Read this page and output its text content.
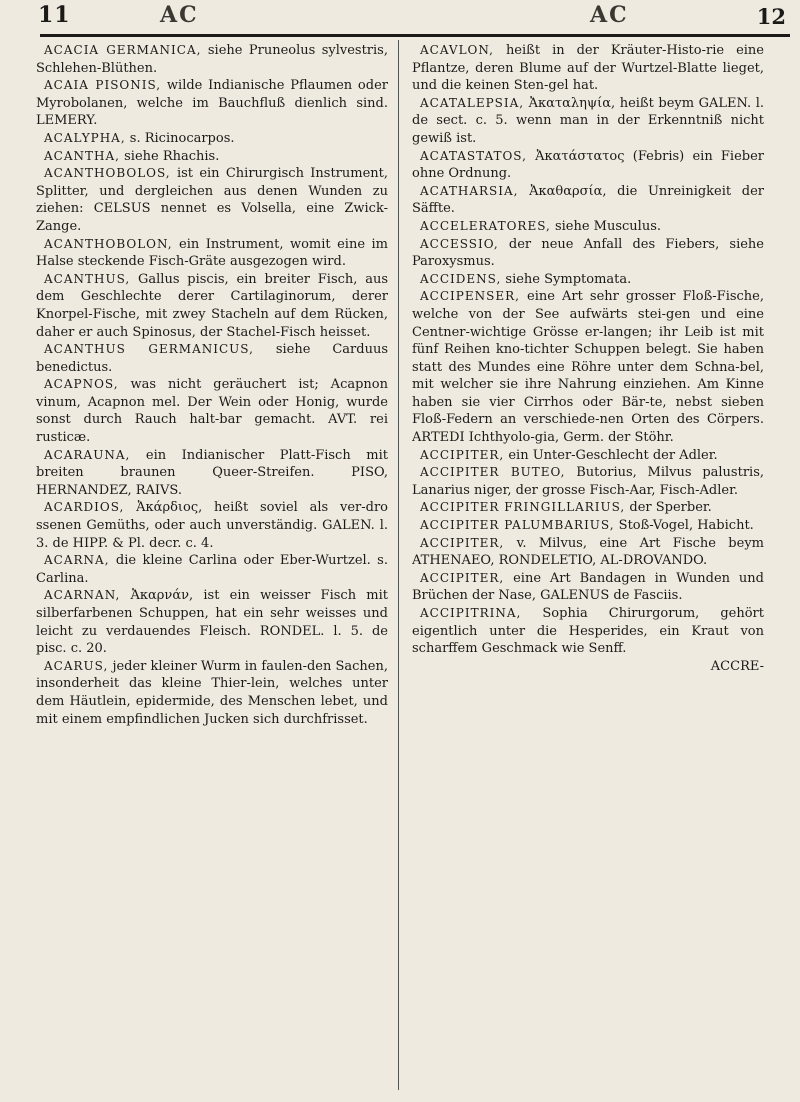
11	AC	AC	12

ACACIA GERMANICA, siehe Pruneolus sylvestris, Schlehen-Blüthen.

ACAIA PISONIS, wilde Indianische Pflaumen oder Myrobolanen, welche im Bauchfluß dienlich sind. LEMERY.

ACALYPHA, s. Ricinocarpos.

ACANTHA, siehe Rhachis.

ACANTHOBOLOS, ist ein Chirurgisch Instrument, Splitter, und dergleichen aus denen Wunden zu ziehen: CELSUS nennet es Volsella, eine Zwick-Zange.

ACANTHOBOLON, ein Instrument, womit eine im Halse steckende Fisch-Gräte ausgezogen wird.

ACANTHUS, Gallus piscis, ein breiter Fisch, aus dem Geschlechte derer Cartilaginorum, derer Knorpel-Fische, mit zwey Stacheln auf dem Rücken, daher er auch Spinosus, der Stachel-Fisch heisset.

ACANTHUS GERMANICUS, siehe Carduus benedictus.

ACAPNOS, was nicht geräuchert ist; Acapnon vinum, Acapnon mel. Der Wein oder Honig, wurde sonst durch Rauch halt-bar gemacht. AVT. rei rusticæ.

ACARAUNA, ein Indianischer Platt-Fisch mit breiten braunen Queer-Streifen. PISO, HERNANDEZ, RAIVS.

ACARDIOS, Ἀκάρδιος, heißt soviel als ver-dro ssenen Gemüths, oder auch unverständig. GALEN. l. 3. de HIPP. & Pl. decr. c. 4.

ACARNA, die kleine Carlina oder Eber-Wurtzel. s. Carlina.

ACARNAN, Ἀκαρνάν, ist ein weisser Fisch mit silberfarbenen Schuppen, hat ein sehr weisses und leicht zu verdauendes Fleisch. RONDEL. l. 5. de pisc. c. 20.

ACARUS, jeder kleiner Wurm in faulen-den Sachen, insonderheit das kleine Thier-lein, welches unter dem Häutlein, epidermide, des Menschen lebet, und mit einem empfindlichen Jucken sich durchfrisset.

ACAVLON, heißt in der Kräuter-Histo-rie eine Pflantze, deren Blume auf der Wurtzel-Blatte lieget, und die keinen Sten-gel hat.

ACATALEPSIA, Ἀκαταληψία, heißt beym GALEN. l. de sect. c. 5. wenn man in der Erkenntniß nicht gewiß ist.

ACATASTATOS, Ἀκατάστατος (Febris) ein Fieber ohne Ordnung.

ACATHARSIA, Ἀκαθαρσία, die Unreinigkeit der Säffte.

ACCELERATORES, siehe Musculus.

ACCESSIO, der neue Anfall des Fiebers, siehe Paroxysmus.

ACCIDENS, siehe Symptomata.

ACCIPENSER, eine Art sehr grosser Floß-Fische, welche von der See aufwärts stei-gen und eine Centner-wichtige Grösse er-langen; ihr Leib ist mit fünf Reihen kno-tichter Schuppen belegt. Sie haben statt des Mundes eine Röhre unter dem Schna-bel, mit welcher sie ihre Nahrung einziehen. Am Kinne haben sie vier Cirrhos oder Bär-te, nebst sieben Floß-Federn an verschiede-nen Orten des Cörpers. ARTEDI Ichthyolo-gia, Germ. der Stöhr.

ACCIPITER, ein Unter-Geschlecht der Adler.

ACCIPITER BUTEO, Butorius, Milvus palustris, Lanarius niger, der grosse Fisch-Aar, Fisch-Adler.

ACCIPITER FRINGILLARIUS, der Sperber.

ACCIPITER PALUMBARIUS, Stoß-Vogel, Habicht.

ACCIPITER, v. Milvus, eine Art Fische beym ATHENAEO, RONDELETIO, AL-DROVANDO.

ACCIPITER, eine Art Bandagen in Wunden und Brüchen der Nase, GALENUS de Fasciis.

ACCIPITRINA, Sophia Chirurgorum, gehört eigentlich unter die Hesperides, ein Kraut von scharffem Geschmack wie Senff.

ACCRE-
